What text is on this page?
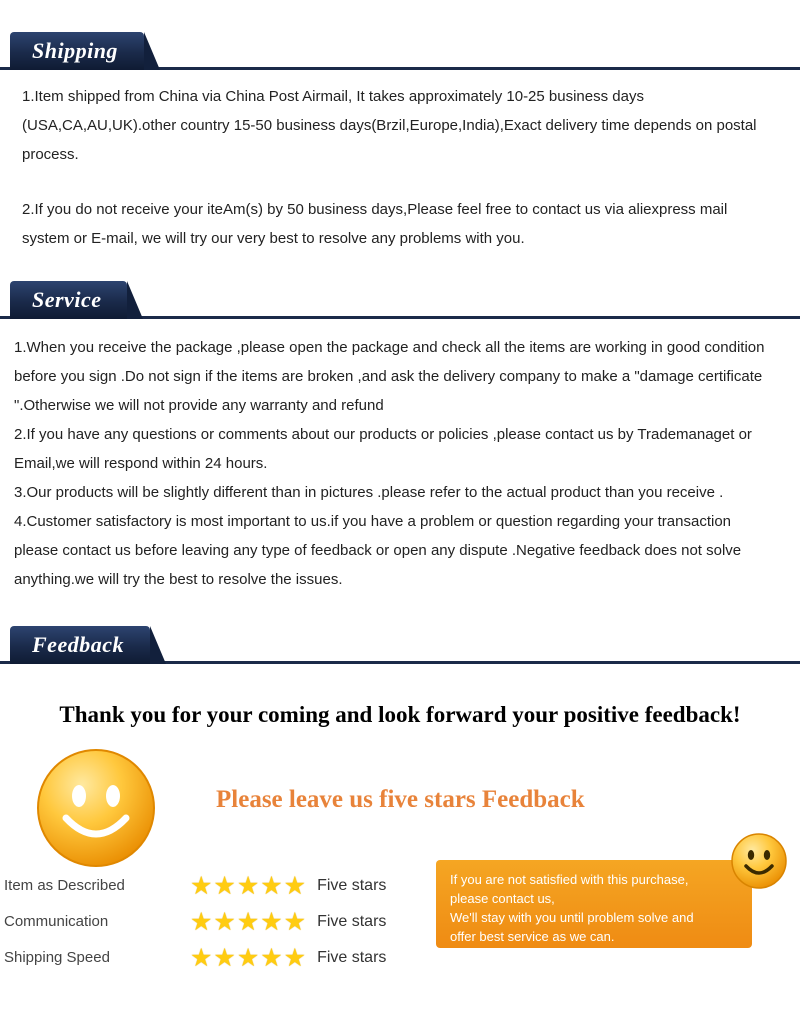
Shipping

1.Item shipped from China via China Post Airmail, It takes approximately 10-25 business days (USA,CA,AU,UK).other country 15-50 business days(Brzil,Europe,India),Exact delivery time depends on postal process.

2.If you do not receive your iteAm(s) by 50 business days,Please feel free to contact us via aliexpress mail system or E-mail, we will try our very best to resolve any problems with you.

Service

1.When you receive the package ,please open the package and check all the items are working in good condition before you sign .Do not sign if the items are broken ,and ask the delivery company to make a "damage certificate ".Otherwise we will not provide any warranty and refund

2.If you have any questions or comments about our products or policies ,please contact us by Trademanaget or Email,we will respond within 24 hours.

3.Our products will be slightly different than in pictures .please refer to the actual product than you receive .

4.Customer satisfactory is most important to us.if you have a problem or question regarding your transaction please contact us before leaving any type of feedback or open any dispute .Negative feedback does not solve anything.we will try the best to resolve the issues.

Feedback
Thank you for your coming and look forward your positive feedback!
Please leave us five stars Feedback
Item as Described
Communication
Shipping Speed
★★★★★ Five stars
★★★★★ Five stars
★★★★★ Five stars

If you are not satisfied with this purchase,

please contact us,

We'll stay with you until problem solve and

offer best service as we can.
